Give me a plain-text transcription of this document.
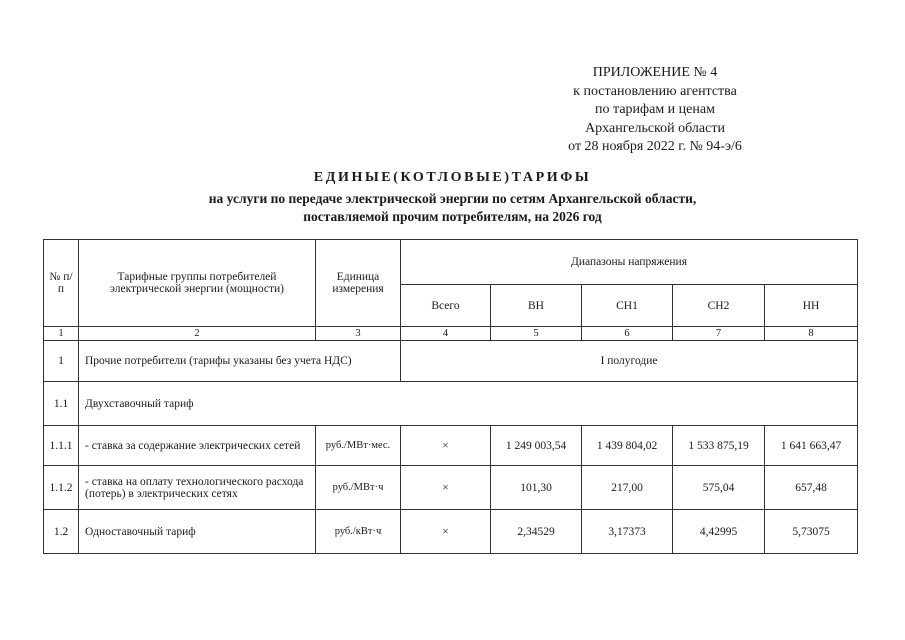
ПРИЛОЖЕНИЕ № 4
к постановлению агентства
по тарифам и ценам
Архангельской области
от 28 ноября 2022 г. № 94-э/6
ЕДИНЫЕ(КОТЛОВЫЕ)ТАРИФЫ
на услуги по передаче электрической энергии по сетям Архангельской области,
поставляемой прочим потребителям, на 2026 год
№ п/п	Тарифные группы потребителей электрической энергии (мощности)	Единица измерения	Диапазоны напряжения				
			Всего	ВН	СН1	СН2	НН
1	2	3	4	5	6	7	8
1	Прочие потребители (тарифы указаны без учета НДС)		I полугодие				
1.1	Двухставочный тариф						
1.1.1	- ставка за содержание электрических сетей	руб./МВт·мес.	×	1 249 003,54	1 439 804,02	1 533 875,19	1 641 663,47
1.1.2	- ставка на оплату технологического расхода (потерь) в электрических сетях	руб./МВт·ч	×	101,30	217,00	575,04	657,48
1.2	Одноставочный тариф	руб./кВт·ч	×	2,34529	3,17373	4,42995	5,73075
